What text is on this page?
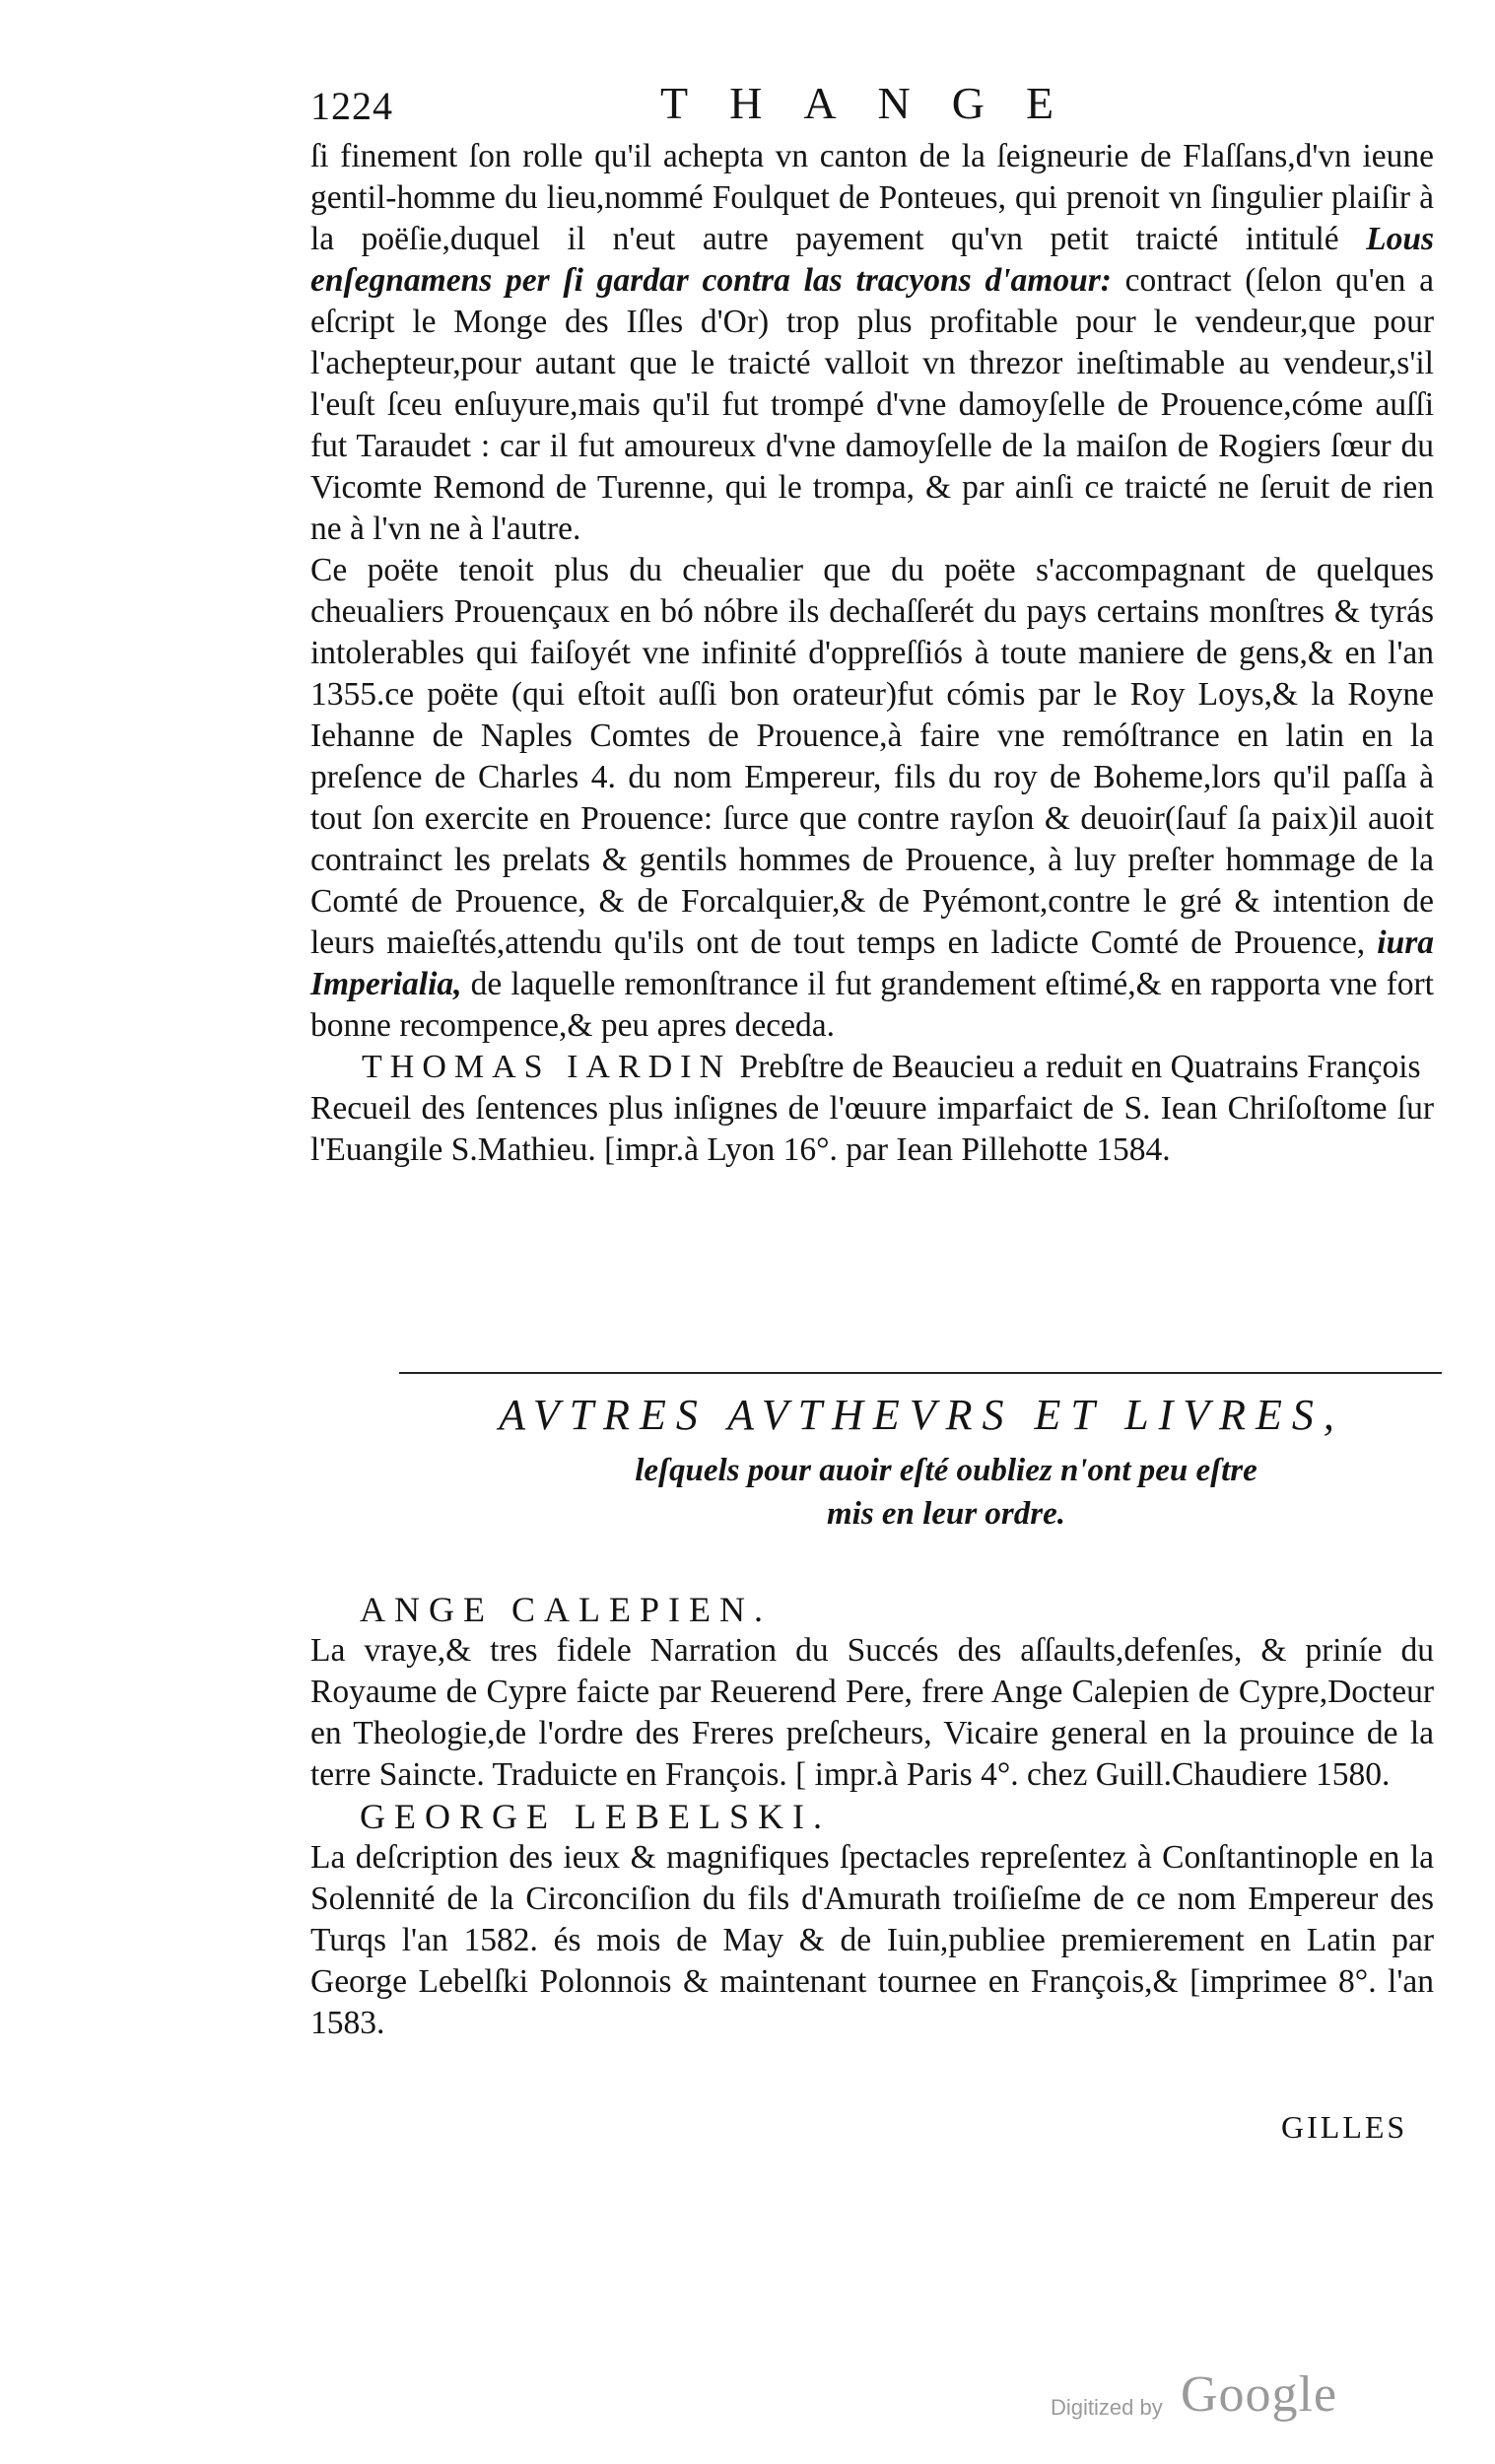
1224	THANGE

ſi finement ſon rolle qu'il achepta vn canton de la ſeigneurie de Flaſſans,d'vn ieune gentil-homme du lieu,nommé Foulquet de Ponteues, qui prenoit vn ſingulier plaiſir à la poëſie,duquel il n'eut autre payement qu'vn petit traicté intitulé Lous enſegnamens per ſi gardar contra las tracyons d'amour: contract (ſelon qu'en a eſcript le Monge des Iſles d'Or) trop plus profitable pour le vendeur,que pour l'achepteur,pour autant que le traicté valloit vn threzor ineſtimable au vendeur,s'il l'euſt ſceu enſuyure,mais qu'il fut trompé d'vne damoyſelle de Prouence,cóme auſſi fut Taraudet : car il fut amoureux d'vne damoyſelle de la maiſon de Rogiers ſœur du Vicomte Remond de Turenne, qui le trompa, & par ainſi ce traicté ne ſeruit de rien ne à l'vn ne à l'autre.

Ce poëte tenoit plus du cheualier que du poëte s'accompagnant de quelques cheualiers Prouençaux en bó nóbre ils dechaſſerét du pays certains monſtres & tyrás intolerables qui faiſoyét vne infinité d'oppreſſiós à toute maniere de gens,& en l'an 1355.ce poëte (qui eſtoit auſſi bon orateur)fut cómis par le Roy Loys,& la Royne Iehanne de Naples Comtes de Prouence,à faire vne remóſtrance en latin en la preſence de Charles 4. du nom Empereur, fils du roy de Boheme,lors qu'il paſſa à tout ſon exercite en Prouence: ſurce que contre rayſon & deuoir(ſauf ſa paix)il auoit contrainct les prelats & gentils hommes de Prouence, à luy preſter hommage de la Comté de Prouence, & de Forcalquier,& de Pyémont,contre le gré & intention de leurs maieſtés,attendu qu'ils ont de tout temps en ladicte Comté de Prouence, iura Imperialia, de laquelle remonſtrance il fut grandement eſtimé,& en rapporta vne fort bonne recompence,& peu apres deceda.

THOMAS IARDIN Prebſtre de Beaucieu a reduit en Quatrains François

Recueil des ſentences plus inſignes de l'œuure imparfaict de S. Iean Chriſoſtome ſur l'Euangile S.Mathieu. [impr.à Lyon 16°. par Iean Pillehotte 1584.

AVTRES AVTHEVRS ET LIVRES,
leſquels pour auoir eſté oubliez n'ont peu eſtre
mis en leur ordre.

ANGE CALEPIEN.

La vraye,& tres fidele Narration du Succés des aſſaults,defenſes, & priníe du Royaume de Cypre faicte par Reuerend Pere, frere Ange Calepien de Cypre,Docteur en Theologie,de l'ordre des Freres preſcheurs, Vicaire general en la prouince de la terre Saincte. Traduicte en François. [ impr.à Paris 4°. chez Guill.Chaudiere 1580.

GEORGE LEBELSKI.

La deſcription des ieux & magnifiques ſpectacles repreſentez à Conſtantinople en la Solennité de la Circonciſion du fils d'Amurath troiſieſme de ce nom Empereur des Turqs l'an 1582. és mois de May & de Iuin,publiee premierement en Latin par George Lebelſki Polonnois & maintenant tournee en François,& [imprimee 8°. l'an 1583.

GILLES
Digitized by Google
